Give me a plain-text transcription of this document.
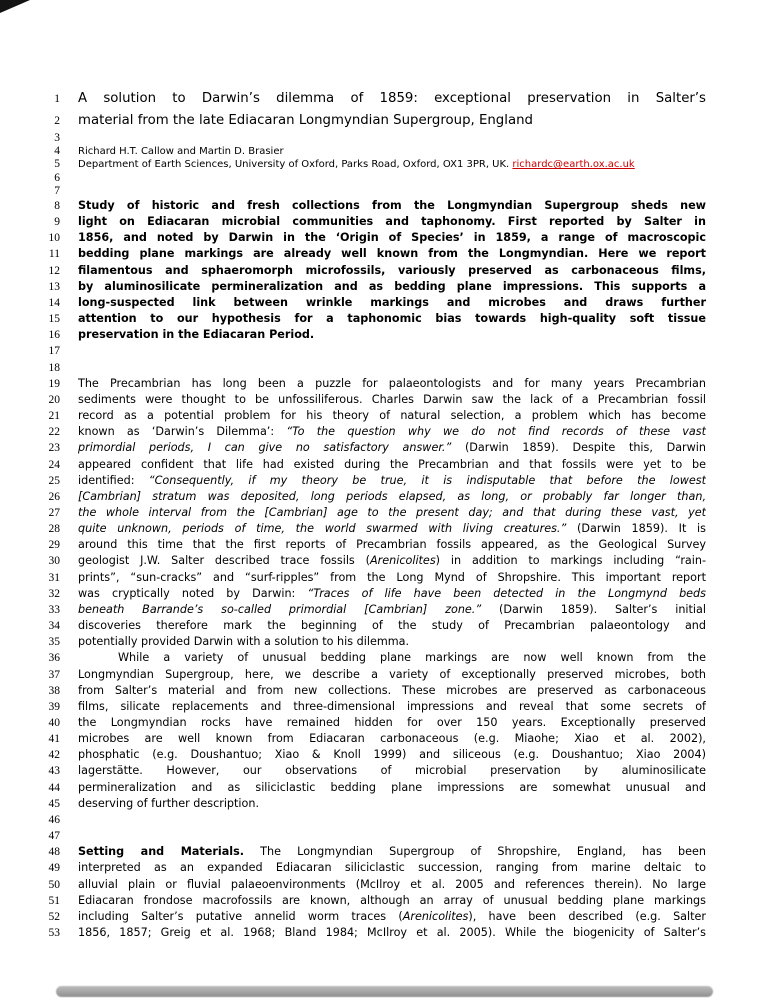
1 A solution to Darwin’s dilemma of 1859: exceptional preservation in Salter’s
2 material from the late Ediacaran Longmyndian Supergroup, England
3
4 Richard H.T. Callow and Martin D. Brasier
5 Department of Earth Sciences, University of Oxford, Parks Road, Oxford, OX1 3PR, UK. richardc@earth.ox.ac.uk
6
7
8 Study of historic and fresh collections from the Longmyndian Supergroup sheds new
9 light on Ediacaran microbial communities and taphonomy. First reported by Salter in
10 1856, and noted by Darwin in the ‘Origin of Species’ in 1859, a range of macroscopic
11 bedding plane markings are already well known from the Longmyndian. Here we report
12 filamentous and sphaeromorph microfossils, variously preserved as carbonaceous films,
13 by aluminosilicate permineralization and as bedding plane impressions. This supports a
14 long-suspected link between wrinkle markings and microbes and draws further
15 attention to our hypothesis for a taphonomic bias towards high-quality soft tissue
16 preservation in the Ediacaran Period.
17
18
19 The Precambrian has long been a puzzle for palaeontologists and for many years Precambrian
20 sediments were thought to be unfossiliferous. Charles Darwin saw the lack of a Precambrian fossil
21 record as a potential problem for his theory of natural selection, a problem which has become
22 known as ‘Darwin’s Dilemma’: “To the question why we do not find records of these vast
23 primordial periods, I can give no satisfactory answer.” (Darwin 1859). Despite this, Darwin
24 appeared confident that life had existed during the Precambrian and that fossils were yet to be
25 identified: “Consequently, if my theory be true, it is indisputable that before the lowest
26 [Cambrian] stratum was deposited, long periods elapsed, as long, or probably far longer than,
27 the whole interval from the [Cambrian] age to the present day; and that during these vast, yet
28 quite unknown, periods of time, the world swarmed with living creatures.” (Darwin 1859). It is
29 around this time that the first reports of Precambrian fossils appeared, as the Geological Survey
30 geologist J.W. Salter described trace fossils (Arenicolites) in addition to markings including “rain-
31 prints”, “sun-cracks” and “surf-ripples” from the Long Mynd of Shropshire. This important report
32 was cryptically noted by Darwin: “Traces of life have been detected in the Longmynd beds
33 beneath Barrande’s so-called primordial [Cambrian] zone.” (Darwin 1859). Salter’s initial
34 discoveries therefore mark the beginning of the study of Precambrian palaeontology and
35 potentially provided Darwin with a solution to his dilemma.
36	While a variety of unusual bedding plane markings are now well known from the
37 Longmyndian Supergroup, here, we describe a variety of exceptionally preserved microbes, both
38 from Salter’s material and from new collections. These microbes are preserved as carbonaceous
39 films, silicate replacements and three-dimensional impressions and reveal that some secrets of
40 the Longmyndian rocks have remained hidden for over 150 years. Exceptionally preserved
41 microbes are well known from Ediacaran carbonaceous (e.g. Miaohe; Xiao et al. 2002),
42 phosphatic (e.g. Doushantuo; Xiao & Knoll 1999) and siliceous (e.g. Doushantuo; Xiao 2004)
43 lagerstätte. However, our observations of microbial preservation by aluminosilicate
44 permineralization and as siliciclastic bedding plane impressions are somewhat unusual and
45 deserving of further description.
46
47
48 Setting and Materials. The Longmyndian Supergroup of Shropshire, England, has been
49 interpreted as an expanded Ediacaran siliciclastic succession, ranging from marine deltaic to
50 alluvial plain or fluvial palaeoenvironments (McIlroy et al. 2005 and references therein). No large
51 Ediacaran frondose macrofossils are known, although an array of unusual bedding plane markings
52 including Salter’s putative annelid worm traces (Arenicolites), have been described (e.g. Salter
53 1856, 1857; Greig et al. 1968; Bland 1984; McIlroy et al. 2005). While the biogenicity of Salter’s
